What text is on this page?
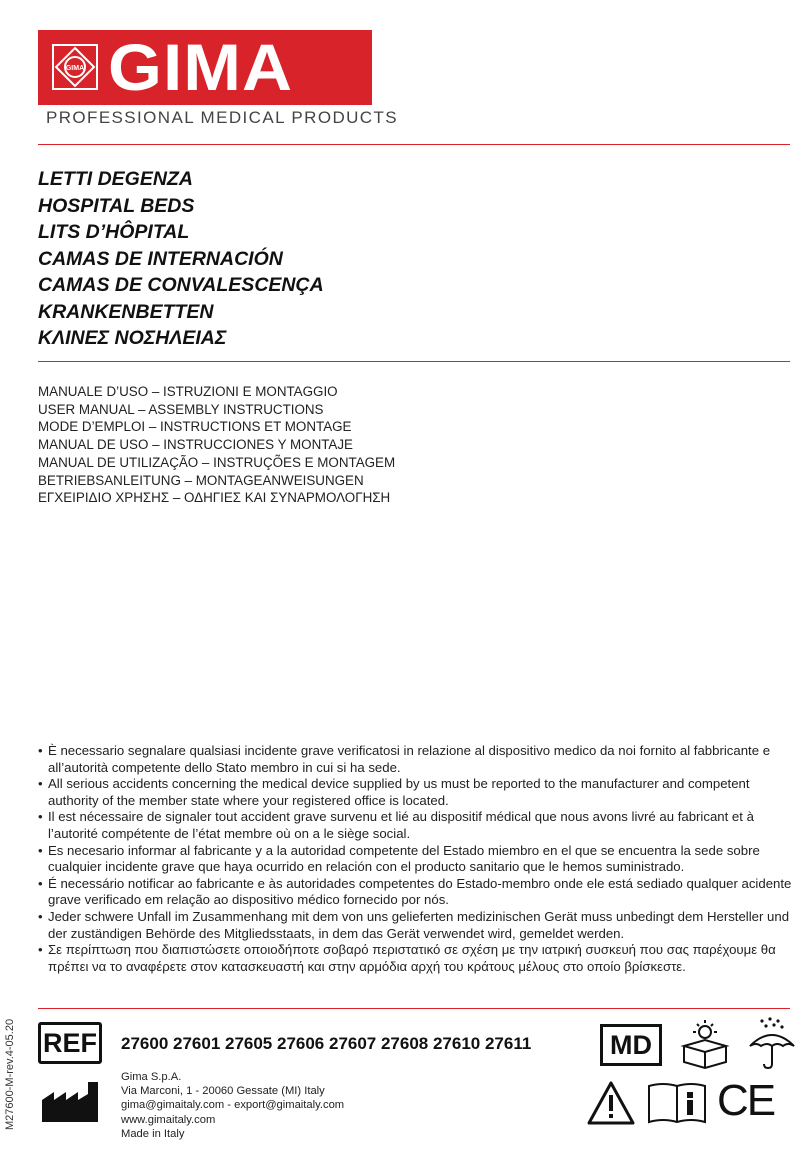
GIMA GIMA
PROFESSIONAL MEDICAL PRODUCTS
LETTI DEGENZA
HOSPITAL BEDS
LITS D’HÔPITAL
CAMAS DE INTERNACIÓN
CAMAS DE CONVALESCENÇA
KRANKENBETTEN
ΚΛΙΝΕΣ ΝΟΣΗΛΕΙΑΣ
MANUALE D’USO – ISTRUZIONI E MONTAGGIO
USER MANUAL – ASSEMBLY INSTRUCTIONS
MODE D’EMPLOI – INSTRUCTIONS ET MONTAGE
MANUAL DE USO – INSTRUCCIONES Y MONTAJE
MANUAL DE UTILIZAÇÃO – INSTRUÇÕES E MONTAGEM
BETRIEBSANLEITUNG – MONTAGEANWEISUNGEN
ΕΓΧΕΙΡΙΔΙΟ ΧΡΗΣΗΣ – ΟΔΗΓΙΕΣ ΚΑΙ ΣΥΝΑΡΜΟΛΟΓΗΣΗ
• È necessario segnalare qualsiasi incidente grave verificatosi in relazione al dispositivo medico da noi fornito al fabbricante e all’autorità competente dello Stato membro in cui si ha sede.
• All serious accidents concerning the medical device supplied by us must be reported to the manufacturer and competent authority of the member state where your registered office is located.
• Il est nécessaire de signaler tout accident grave survenu et lié au dispositif médical que nous avons livré au fabricant et à l’autorité compétente de l’état membre où on a le siège social.
• Es necesario informar al fabricante y a la autoridad competente del Estado miembro en el que se encuentra la sede sobre cualquier incidente grave que haya ocurrido en relación con el producto sanitario que le hemos suministrado.
• É necessário notificar ao fabricante e às autoridades competentes do Estado-membro onde ele está sediado qualquer acidente grave verificado em relação ao dispositivo médico fornecido por nós.
• Jeder schwere Unfall im Zusammenhang mit dem von uns gelieferten medizinischen Gerät muss unbedingt dem Hersteller und der zuständigen Behörde des Mitgliedsstaats, in dem das Gerät verwendet wird, gemeldet werden.
• Σε περίπτωση που διαπιστώσετε οποιοδήποτε σοβαρό περιστατικό σε σχέση με την ιατρική συσκευή που σας παρέχουμε θα πρέπει να το αναφέρετε στον κατασκευαστή και στην αρμόδια αρχή του κράτους μέλους στο οποίο βρίσκεστε.
M27600-M-rev.4-05.20 REF 27600 27601 27605 27606 27607 27608 27610 27611
Gima S.p.A.
Via Marconi, 1 - 20060 Gessate (MI) Italy
gima@gimaitaly.com - export@gimaitaly.com
www.gimaitaly.com
Made in Italy
MD
CE
